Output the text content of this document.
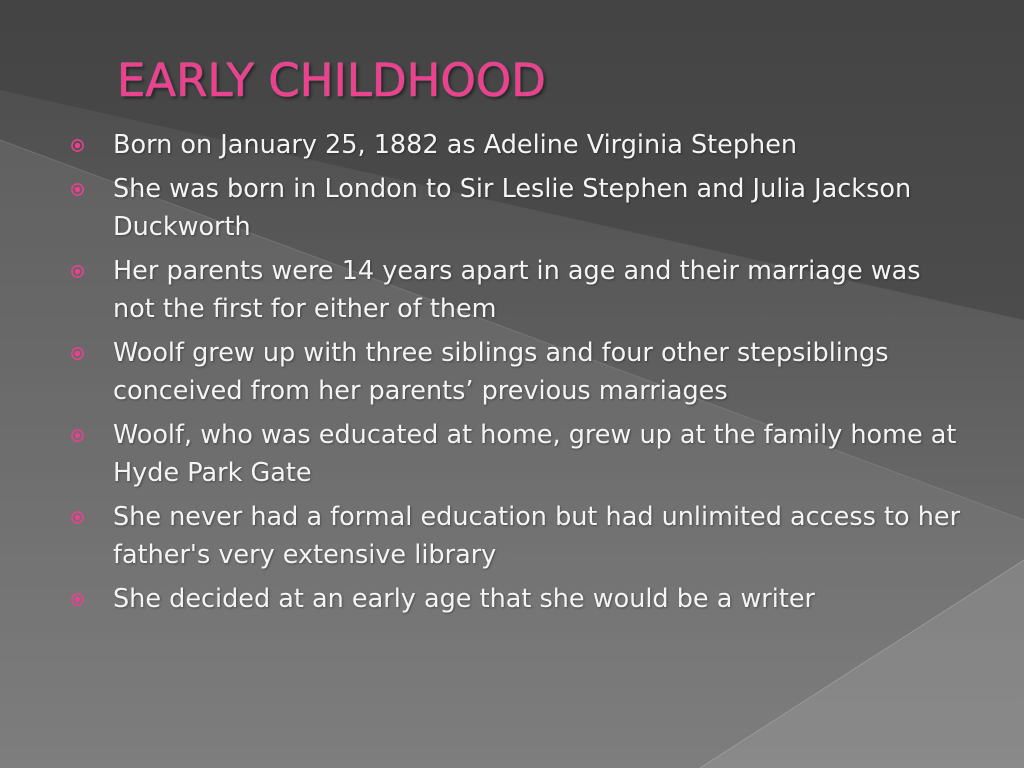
EARLY CHILDHOOD
Born on January 25, 1882 as Adeline Virginia Stephen
She was born in London to Sir Leslie Stephen and Julia Jackson Duckworth
Her parents were 14 years apart in age and their marriage was not the first for either of them
Woolf grew up with three siblings and four other stepsiblings conceived from her parents’ previous marriages
Woolf, who was educated at home, grew up at the family home at Hyde Park Gate
She never had a formal education but had unlimited access to her father's very extensive library
She decided at an early age that she would be a writer
